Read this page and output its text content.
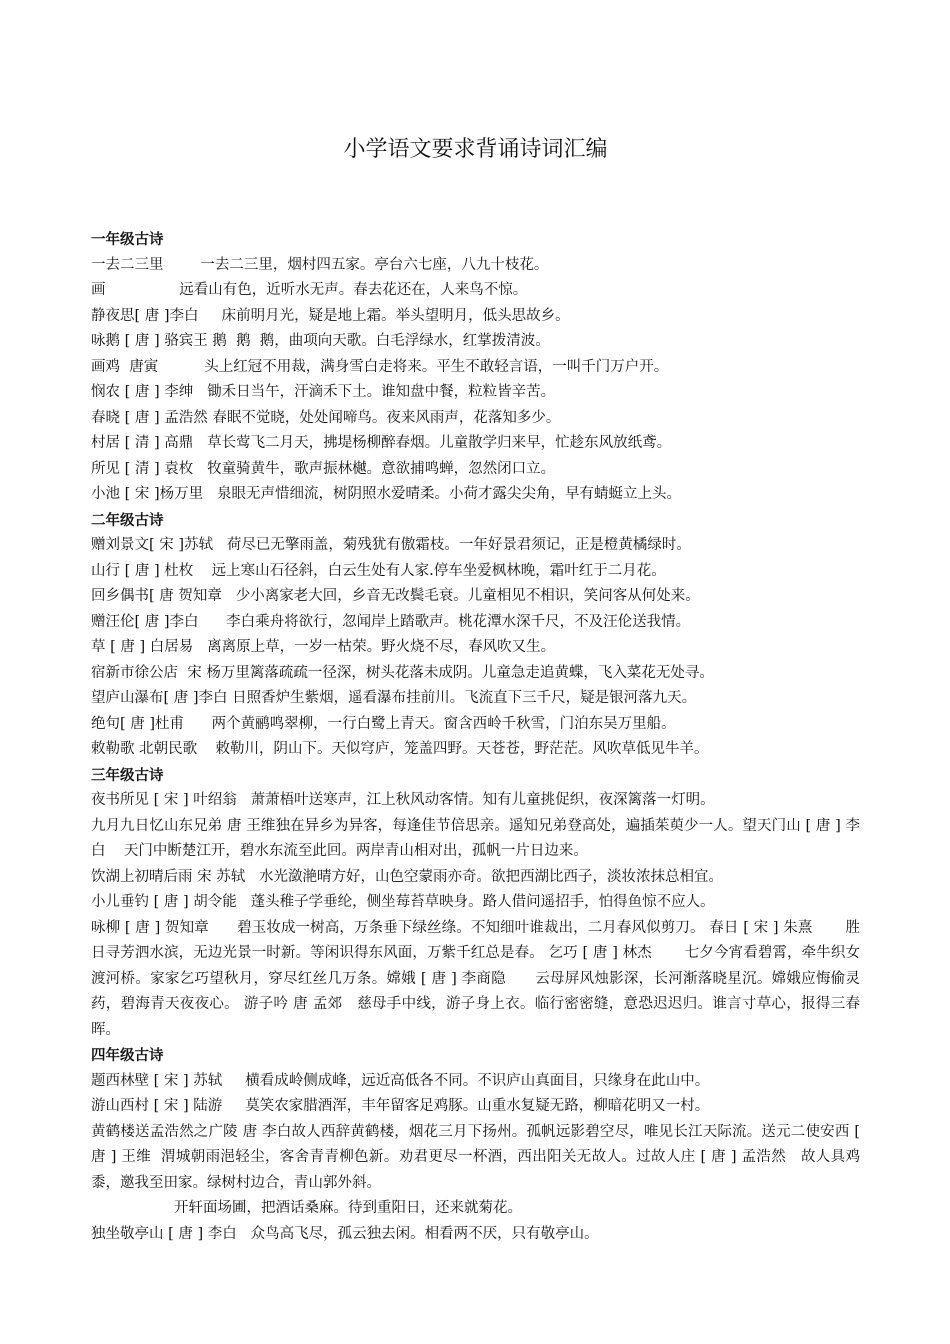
小学语文要求背诵诗词汇编
一年级古诗
一去二三里        一去二三里，烟村四五家。亭台六七座，八九十枝花。
画                远看山有色，近听水无声。春去花还在，人来鸟不惊。
静夜思[ 唐 ]李白     床前明月光，疑是地上霜。举头望明月，低头思故乡。
咏鹅 [ 唐 ] 骆宾王 鹅  鹅  鹅，曲项向天歌。白毛浮绿水，红掌拨清波。
画鸡  唐寅          头上红冠不用裁，满身雪白走将来。平生不敢轻言语，一叫千门万户开。
悯农 [ 唐 ] 李绅   锄禾日当午，汗滴禾下土。谁知盘中餐，粒粒皆辛苦。
春晓 [ 唐 ] 孟浩然 春眠不觉晓，处处闻啼鸟。夜来风雨声，花落知多少。
村居 [ 清 ] 高鼎   草长莺飞二月天，拂堤杨柳醉春烟。儿童散学归来早，忙趁东风放纸鸢。
所见 [ 清 ] 袁枚   牧童骑黄牛，歌声振林樾。意欲捕鸣蝉，忽然闭口立。
小池 [ 宋 ]杨万里   泉眼无声惜细流，树阴照水爱晴柔。小荷才露尖尖角，早有蜻蜓立上头。
二年级古诗
赠刘景文[ 宋 ]苏轼   荷尽已无擎雨盖，菊残犹有傲霜枝。一年好景君须记，正是橙黄橘绿时。
山行 [ 唐 ] 杜枚    远上寒山石径斜，白云生处有人家.停车坐爱枫林晚，霜叶红于二月花。
回乡偶书[ 唐 贺知章   少小离家老大回，乡音无改鬓毛衰。儿童相见不相识，笑问客从何处来。
赠汪伦[ 唐 ]李白      李白乘舟将欲行，忽闻岸上踏歌声。桃花潭水深千尺，不及汪伦送我情。
草 [ 唐 ] 白居易   离离原上草，一岁一枯荣。野火烧不尽，春风吹又生。
宿新市徐公店  宋 杨万里篱落疏疏一径深，树头花落未成阴。儿童急走追黄蝶，飞入菜花无处寻。
望庐山瀑布[ 唐 ]李白 日照香炉生紫烟，遥看瀑布挂前川。飞流直下三千尺，疑是银河落九天。
绝句[ 唐 ]杜甫      两个黄鹂鸣翠柳，一行白鹭上青天。窗含西岭千秋雪，门泊东吴万里船。
敕勒歌 北朝民歌    敕勒川，阴山下。天似穹庐，笼盖四野。天苍苍，野茫茫。风吹草低见牛羊。
三年级古诗
夜书所见 [ 宋 ] 叶绍翁   萧萧梧叶送寒声，江上秋风动客情。知有儿童挑促织，夜深篱落一灯明。
九月九日忆山东兄弟 唐 王维独在异乡为异客，每逢佳节倍思亲。遥知兄弟登高处，遍插茱萸少一人。望天门山 [ 唐 ] 李白    天门中断楚江开，碧水东流至此回。两岸青山相对出，孤帆一片日边来。
饮湖上初晴后雨 宋 苏轼   水光潋滟晴方好，山色空蒙雨亦奇。欲把西湖比西子，淡妆浓抹总相宜。
小儿垂钓 [ 唐 ] 胡令能   蓬头稚子学垂纶，侧坐莓苔草映身。路人借问遥招手，怕得鱼惊不应人。
咏柳 [ 唐 ] 贺知章      碧玉妆成一树高，万条垂下绿丝绦。不知细叶谁裁出，二月春风似剪刀。 春日 [ 宋 ] 朱熹       胜日寻芳泗水滨，无边光景一时新。等闲识得东风面，万紫千红总是春。 乞巧 [ 唐 ] 林杰       七夕今宵看碧霄，牵牛织女渡河桥。家家乞巧望秋月，穿尽红丝几万条。嫦娥 [ 唐 ] 李商隐      云母屏风烛影深，长河渐落晓星沉。嫦娥应悔偷灵药，碧海青天夜夜心。 游子吟 唐 孟郊   慈母手中线，游子身上衣。临行密密缝，意恐迟迟归。谁言寸草心，报得三春晖。
四年级古诗
题西林壁 [ 宋 ] 苏轼     横看成岭侧成峰，远近高低各不同。不识庐山真面目，只缘身在此山中。
游山西村 [ 宋 ] 陆游     莫笑农家腊酒浑，丰年留客足鸡豚。山重水复疑无路，柳暗花明又一村。
黄鹤楼送孟浩然之广陵 唐 李白故人西辞黄鹤楼，烟花三月下扬州。孤帆远影碧空尽，唯见长江天际流。送元二使安西 [ 唐 ] 王维  渭城朝雨浥轻尘，客舍青青柳色新。劝君更尽一杯酒，西出阳关无故人。过故人庄 [ 唐 ] 孟浩然   故人具鸡黍，邀我至田家。绿树村边合，青山郭外斜。
开轩面场圃，把酒话桑麻。待到重阳日，还来就菊花。
独坐敬亭山 [ 唐 ] 李白   众鸟高飞尽，孤云独去闲。相看两不厌，只有敬亭山。
